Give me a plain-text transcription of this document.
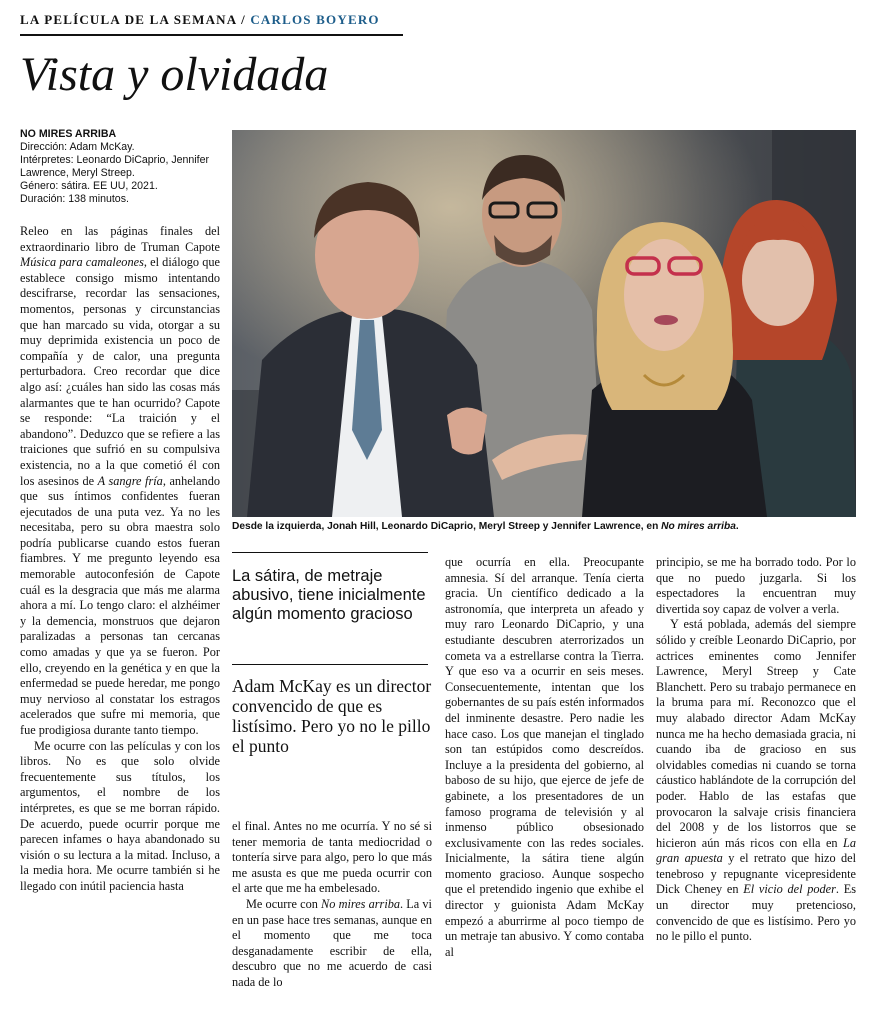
LA PELÍCULA DE LA SEMANA / CARLOS BOYERO
Vista y olvidada
NO MIRES ARRIBA
Dirección: Adam McKay.
Intérpretes: Leonardo DiCaprio, Jennifer Lawrence, Meryl Streep.
Género: sátira. EE UU, 2021.
Duración: 138 minutos.

Releo en las páginas finales del extraordinario libro de Truman Capote Música para camaleones, el diálogo que establece consigo mismo intentando descifrarse, recordar las sensaciones, momentos, personas y circunstancias que han marcado su vida, otorgar a su muy deprimida existencia un poco de compañía y de calor, una pregunta perturbadora. Creo recordar que dice algo así: ¿cuáles han sido las cosas más alarmantes que te han ocurrido? Capote se responde: “La traición y el abandono”. Deduzco que se refiere a las traiciones que sufrió en su compulsiva existencia, no a la que cometió él con los asesinos de A sangre fría, anhelando que sus íntimos confidentes fueran ejecutados de una puta vez. Ya no les necesitaba, pero su obra maestra solo podría publicarse cuando estos fueran fiambres. Y me pregunto leyendo esa memorable autoconfesión de Capote cuál es la desgracia que más me alarma ahora a mí. Lo tengo claro: el alzhéimer y la demencia, monstruos que dejaron paralizadas a personas tan cercanas como amadas y que ya se fueron. Por ello, creyendo en la genética y en que la enfermedad se puede heredar, me pongo muy nervioso al constatar los estragos acelerados que sufre mi memoria, que fue prodigiosa durante tanto tiempo.

Me ocurre con las películas y con los libros. No es que solo olvide frecuentemente sus títulos, los argumentos, el nombre de los intérpretes, es que se me borran rápido. De acuerdo, puede ocurrir porque me parecen infames o haya abandonado su visión o su lectura a la mitad. Incluso, a la media hora. Me ocurre también si he llegado con inútil paciencia hasta

Desde la izquierda, Jonah Hill, Leonardo DiCaprio, Meryl Streep y Jennifer Lawrence, en No mires arriba.

La sátira, de metraje abusivo, tiene inicialmente algún momento gracioso

Adam McKay es un director convencido de que es listísimo. Pero yo no le pillo el punto

el final. Antes no me ocurría. Y no sé si tener memoria de tanta mediocridad o tontería sirve para algo, pero lo que más me asusta es que me pueda ocurrir con el arte que me ha embelesado.

Me ocurre con No mires arriba. La vi en un pase hace tres semanas, aunque en el momento que me toca desganadamente escribir de ella, descubro que no me acuerdo de casi nada de lo

que ocurría en ella. Preocupante amnesia. Sí del arranque. Tenía cierta gracia. Un científico dedicado a la astronomía, que interpreta un afeado y muy raro Leonardo DiCaprio, y una estudiante descubren aterrorizados un cometa va a estrellarse contra la Tierra. Y que eso va a ocurrir en seis meses. Consecuentemente, intentan que los gobernantes de su país estén informados del inminente desastre. Pero nadie les hace caso. Los que manejan el tinglado son tan estúpidos como descreídos. Incluye a la presidenta del gobierno, al baboso de su hijo, que ejerce de jefe de gabinete, a los presentadores de un famoso programa de televisión y al inmenso público obsesionado exclusivamente con las redes sociales. Inicialmente, la sátira tiene algún momento gracioso. Aunque sospecho que el pretendido ingenio que exhibe el director y guionista Adam McKay empezó a aburrirme al poco tiempo de un metraje tan abusivo. Y como contaba al

principio, se me ha borrado todo. Por lo que no puedo juzgarla. Si los espectadores la encuentran muy divertida soy capaz de volver a verla.

Y está poblada, además del siempre sólido y creíble Leonardo DiCaprio, por actrices eminentes como Jennifer Lawrence, Meryl Streep y Cate Blanchett. Pero su trabajo permanece en la bruma para mí. Reconozco que el muy alabado director Adam McKay nunca me ha hecho demasiada gracia, ni cuando iba de gracioso en sus olvidables comedias ni cuando se torna cáustico hablándote de la corrupción del poder. Hablo de las estafas que provocaron la salvaje crisis financiera del 2008 y de los listorros que se hicieron aún más ricos con ella en La gran apuesta y el retrato que hizo del tenebroso y repugnante vicepresidente Dick Cheney en El vicio del poder. Es un director muy pretencioso, convencido de que es listísimo. Pero yo no le pillo el punto.
